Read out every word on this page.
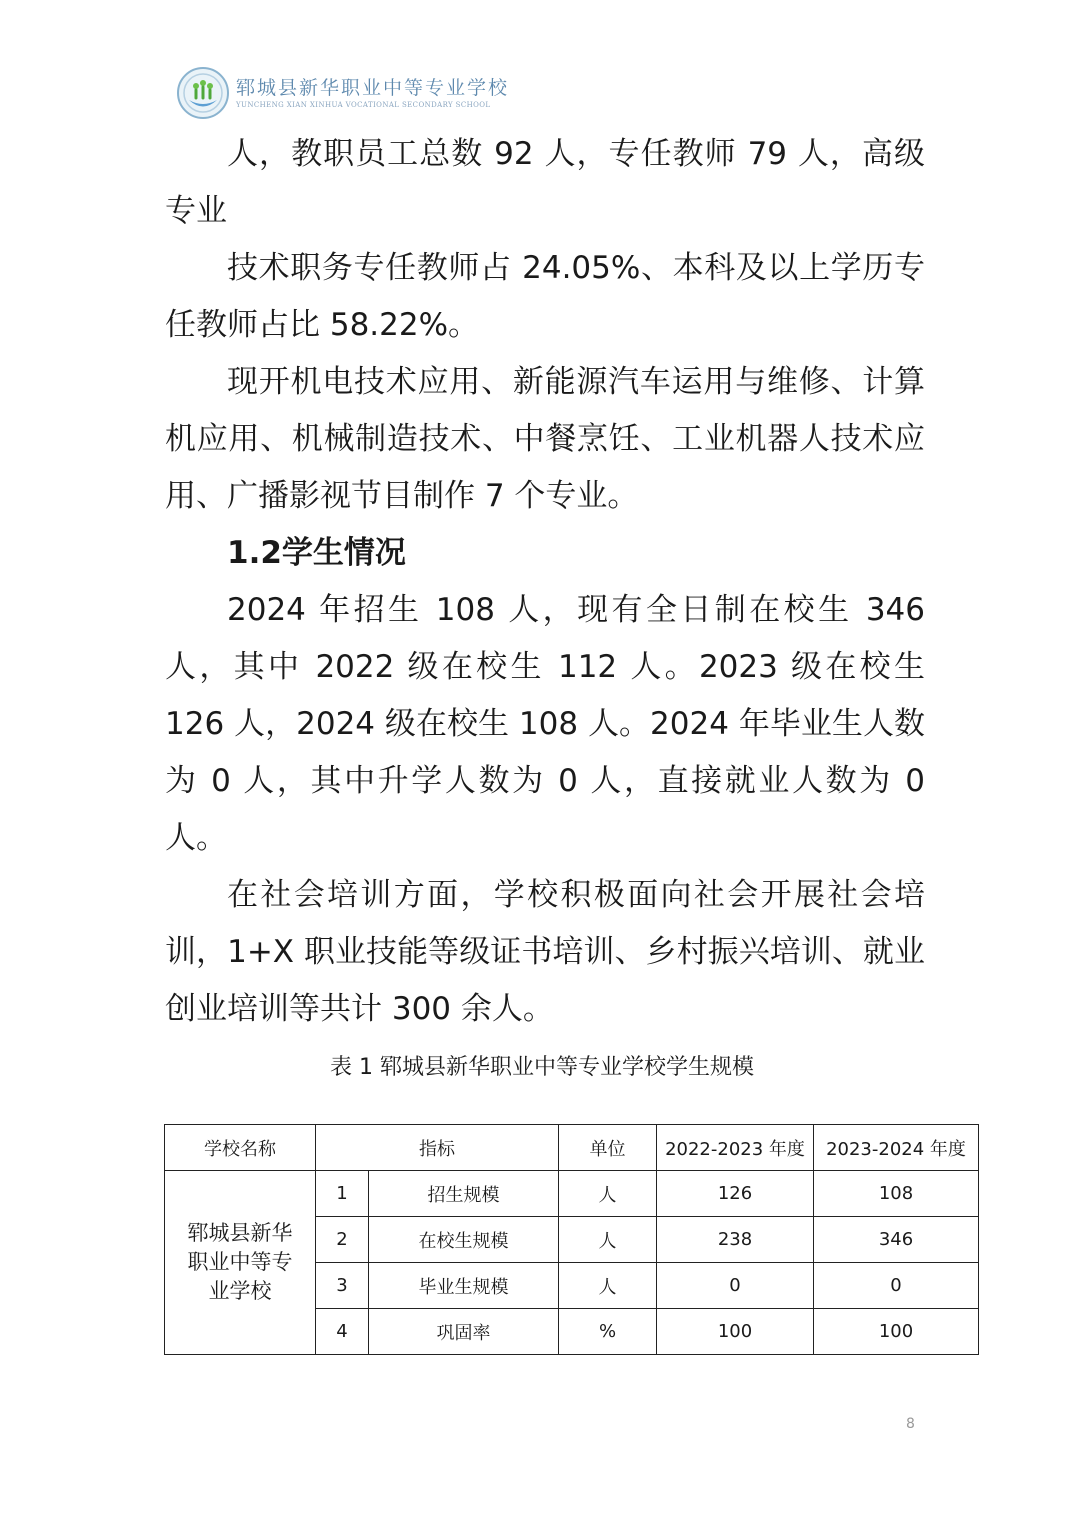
郓城县新华职业中等专业学校
YUNCHENG XIAN XINHUA VOCATIONAL SECONDARY SCHOOL

人，教职员工总数 92 人，专任教师 79 人，高级专业

技术职务专任教师占 24.05%、本科及以上学历专任教师占比 58.22%。

现开机电技术应用、新能源汽车运用与维修、计算机应用、机械制造技术、中餐烹饪、工业机器人技术应用、广播影视节目制作 7 个专业。

1.2学生情况

2024 年招生 108 人，现有全日制在校生 346 人，其中 2022 级在校生 112 人。2023 级在校生 126 人，2024 级在校生 108 人。2024 年毕业生人数为 0 人，其中升学人数为 0 人，直接就业人数为 0 人。

在社会培训方面，学校积极面向社会开展社会培训，1+X 职业技能等级证书培训、乡村振兴培训、就业创业培训等共计 300 余人。

表 1 郓城县新华职业中等专业学校学生规模
学校名称	指标		单位	2022-2023 年度	2023-2024 年度

郓城县新华职业中等专业学校	1	招生规模	人	126	108
	2	在校生规模	人	238	346
	3	毕业生规模	人	0	0
	4	巩固率	%	100	100
8
